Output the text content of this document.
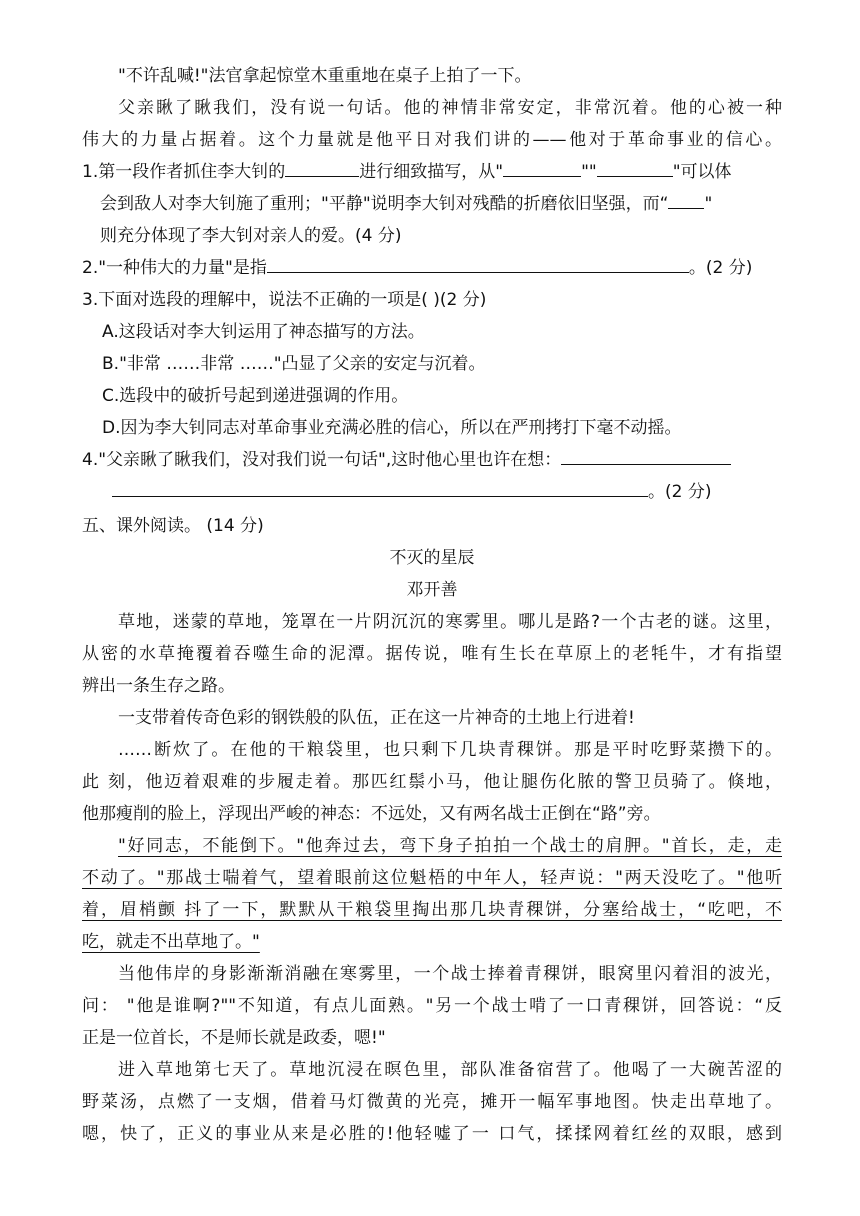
"不许乱喊!"法官拿起惊堂木重重地在桌子上拍了一下。
父亲瞅了瞅我们，没有说一句话。他的神情非常安定，非常沉着。他的心被一种
伟大的力量占据着。这个力量就是他平日对我们讲的——他对于革命事业的信心。
1.第一段作者抓住李大钊的	进行细致描写，从"	""	"可以体
会到敌人对李大钊施了重刑；"平静"说明李大钊对残酷的折磨依旧坚强，而“ "
则充分体现了李大钊对亲人的爱。(4 分)
2."一种伟大的力量"是指	。(2 分)
3.下面对选段的理解中，说法不正确的一项是( )(2 分)
A.这段话对李大钊运用了神态描写的方法。
B."非常 ……非常 ……"凸显了父亲的安定与沉着。
C.选段中的破折号起到递进强调的作用。
D.因为李大钊同志对革命事业充满必胜的信心，所以在严刑拷打下毫不动摇。
4."父亲瞅了瞅我们，没对我们说一句话",这时他心里也许在想：
。(2 分)
五、课外阅读。 (14 分)
不灭的星辰
邓开善
草地，迷蒙的草地，笼罩在一片阴沉沉的寒雾里。哪儿是路?一个古老的谜。这里，
从密的水草掩覆着吞噬生命的泥潭。据传说，唯有生长在草原上的老牦牛，才有指望
辨出一条生存之路。
一支带着传奇色彩的钢铁般的队伍，正在这一片神奇的土地上行进着!
……断炊了。在他的干粮袋里，也只剩下几块青稞饼。那是平时吃野菜攒下的。
此 刻，他迈着艰难的步履走着。那匹红鬃小马，他让腿伤化脓的警卫员骑了。倏地，
他那瘦削的脸上，浮现出严峻的神态：不远处，又有两名战士正倒在“路”旁。
"好同志，不能倒下。"他奔过去，弯下身子拍拍一个战士的肩胛。"首长，走，走
不动了。"那战士喘着气，望着眼前这位魁梧的中年人，轻声说："两天没吃了。"他听
着，眉梢颤 抖了一下，默默从干粮袋里掏出那几块青稞饼，分塞给战士，“吃吧，不
吃，就走不出草地了。"
当他伟岸的身影渐渐消融在寒雾里，一个战士捧着青稞饼，眼窝里闪着泪的波光，
问： "他是谁啊?""不知道，有点儿面熟。"另一个战士啃了一口青稞饼，回答说：“反
正是一位首长，不是师长就是政委，嗯!"
进入草地第七天了。草地沉浸在暝色里，部队准备宿营了。他喝了一大碗苦涩的
野菜汤，点燃了一支烟，借着马灯微黄的光亮，摊开一幅军事地图。快走出草地了。
嗯，快了，正义的事业从来是必胜的!他轻嘘了一 口气，揉揉网着红丝的双眼，感到
